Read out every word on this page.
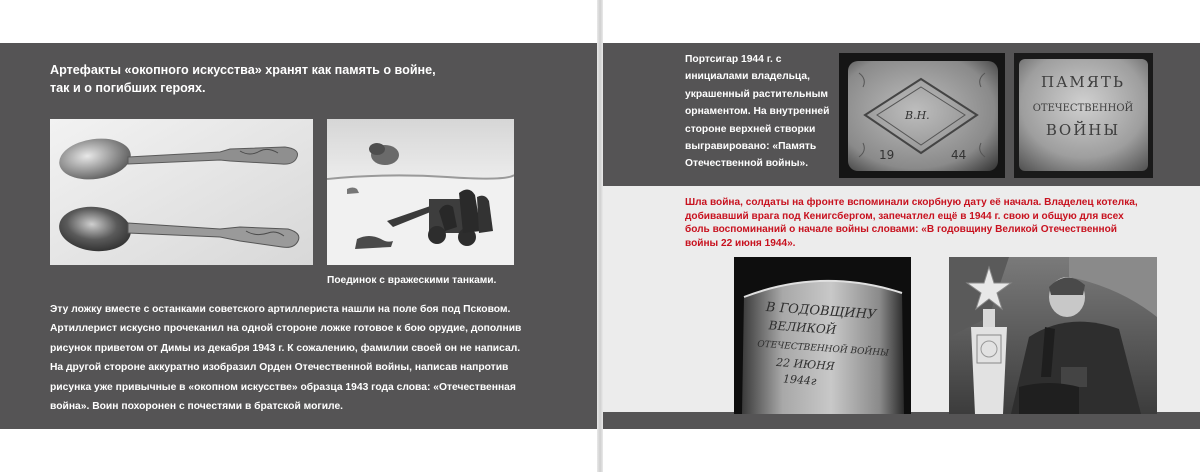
Артефакты «окопного искусства» хранят как память о войне,
так и о погибших героях.

Поединок с вражескими танками.

Эту ложку вместе с останками советского артиллериста нашли на поле боя под Псковом.
Артиллерист искусно прочеканил на одной стороне ложке готовое к бою орудие, дополнив
рисунок приветом от Димы из декабря 1943 г. К сожалению, фамилии своей он не написал.
На другой стороне аккуратно изобразил Орден Отечественной войны, написав напротив
рисунка уже привычные в «окопном искусстве» образца 1943 года слова: «Отечественная
война». Воин похоронен с почестями в братской могиле.

Портсигар 1944 г. с
инициалами владельца,
украшенный растительным
орнаментом. На внутренней
стороне верхней створки
выгравировано: «Память
Отечественной войны».

В.Н.
19	44
ПАМЯТЬ
ОТЕЧЕСТВЕННОЙ
ВОЙНЫ

Шла война, солдаты на фронте вспоминали скорбную дату её начала. Владелец котелка,
добивавший врага под Кенигсбергом, запечатлел ещё в 1944 г. свою и общую для всех
боль воспоминаний о начале войны словами: «В годовщину Великой Отечественной
войны 22 июня 1944».

В ГОДОВЩИНУ
ВЕЛИКОЙ
ОТЕЧЕСТВЕННОЙ ВОЙНЫ
22 ИЮНЯ
1944г
